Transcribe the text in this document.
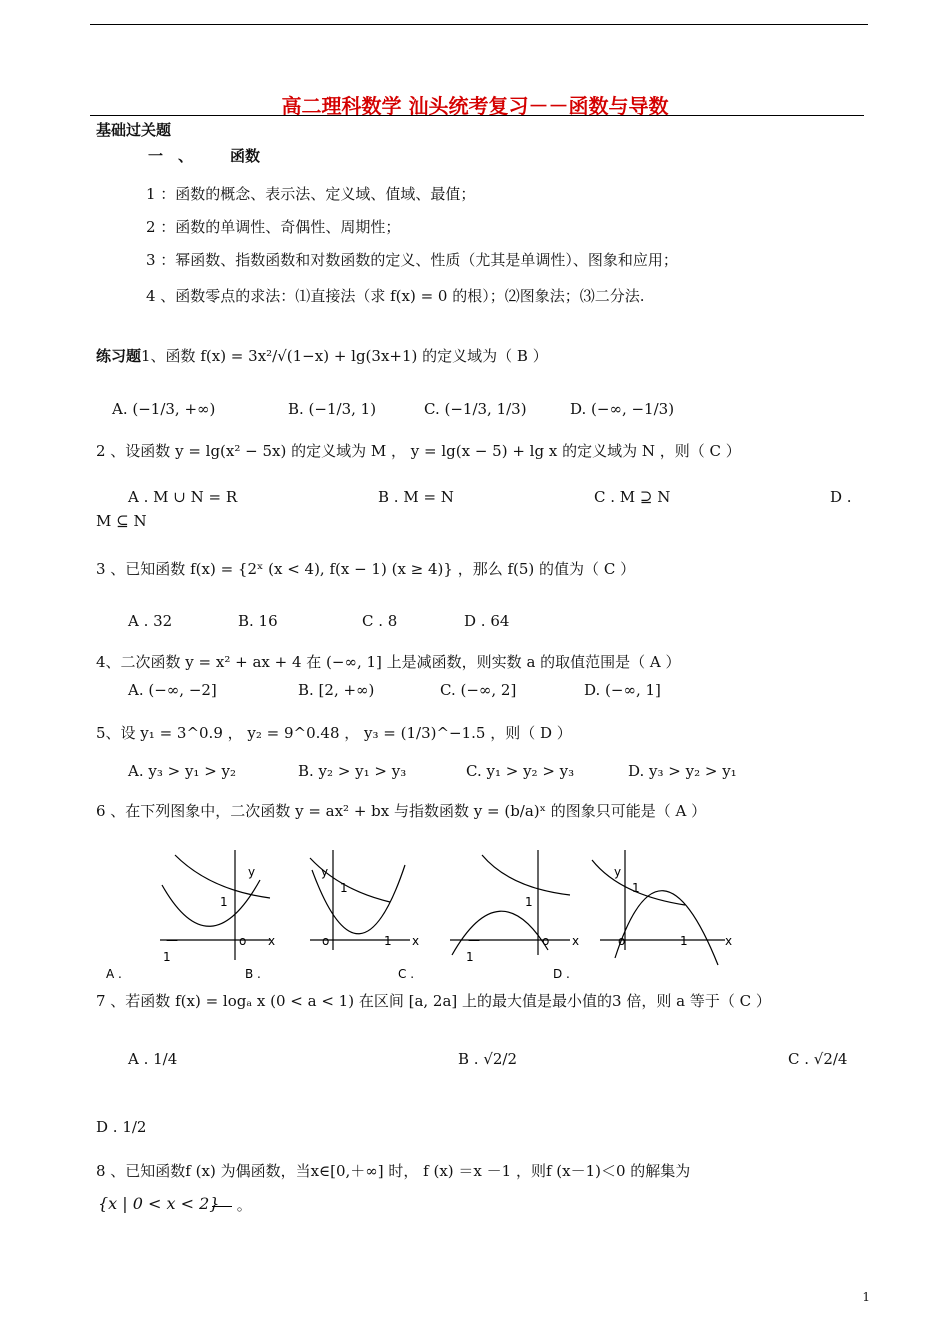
高二理科数学 汕头统考复习－－函数与导数
基础过关题
一　、 函数
1 ：函数的概念、表示法、定义域、值域、最值；
2 ：函数的单调性、奇偶性、周期性；
3 ：幂函数、指数函数和对数函数的定义、性质（尤其是单调性）、图象和应用；
4 、函数零点的求法：⑴直接法（求 f(x) = 0 的根）；⑵图象法；⑶二分法.
练习题1、函数 f(x) = 3x²/√(1−x) + lg(3x+1) 的定义域为（ B ）
A. (−1/3, +∞)	B. (−1/3, 1)	C. (−1/3, 1/3)	D. (−∞, −1/3)
2 、设函数 y = lg(x² − 5x) 的定义域为 M ， y = lg(x − 5) + lg x 的定义域为 N ，则（ C ）
A . M ∪ N = R	B . M = N	C . M ⊇ N	D .
M ⊆ N
3 、已知函数 f(x) = {2ˣ (x < 4), f(x − 1) (x ≥ 4)} ，那么 f(5) 的值为（ C ）
A . 32	B. 16	C . 8	D . 64
4、二次函数 y = x² + ax + 4 在 (−∞, 1] 上是减函数，则实数 a 的取值范围是（ A ）
A. (−∞, −2]	B. [2, +∞)	C. (−∞, 2]	D. (−∞, 1]
5、设 y₁ = 3^0.9 ， y₂ = 9^0.48 ， y₃ = (1/3)^−1.5 ，则（ D ）
A. y₃ > y₁ > y₂	B. y₂ > y₁ > y₃	C. y₁ > y₂ > y₃	D. y₃ > y₂ > y₁
6 、在下列图象中，二次函数 y = ax² + bx 与指数函数 y = (b/a)ˣ 的图象只可能是（ A ）
y
1
—
1
o x
y
1
o	1 x
1
—
1
o x
y
1
o	1	x
A .	B .	C .	D .
7 、若函数 f(x) = logₐ x (0 < a < 1) 在区间 [a, 2a] 上的最大值是最小值的3 倍，则 a 等于（ C ）
A . 1/4	B . √2/2	C . √2/4
D . 1/2
8 、已知函数f (x) 为偶函数，当x∈[0,＋∞] 时， f (x) ＝x －1 ，则f (x－1)＜0 的解集为
{x | 0 < x < 2}	。
1
